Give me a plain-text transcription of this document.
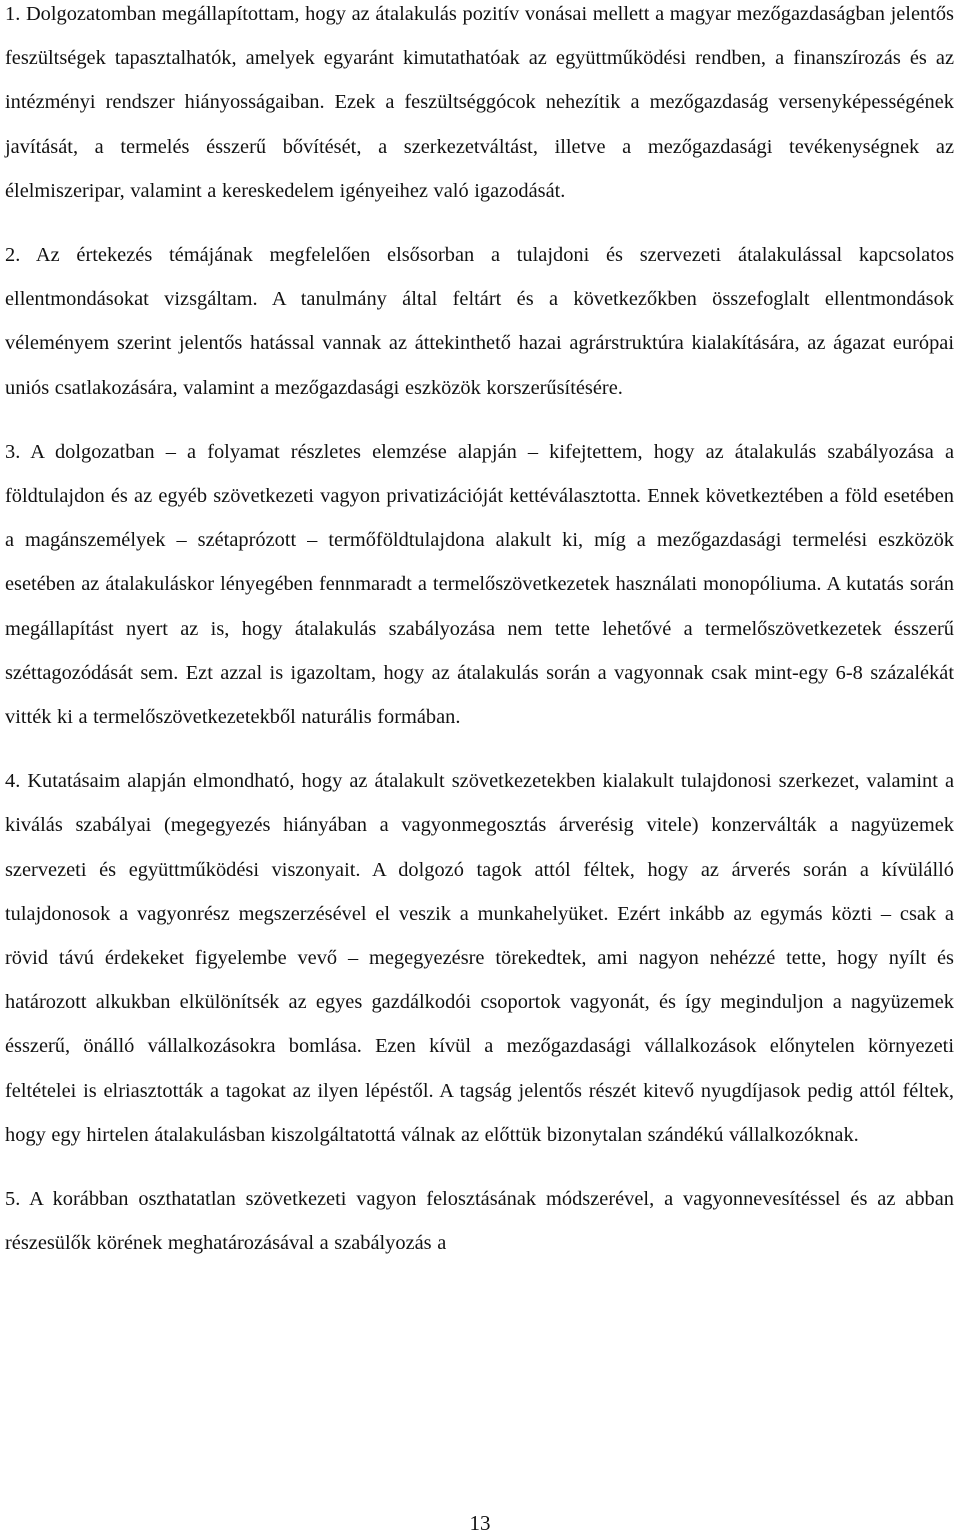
1. Dolgozatomban megállapítottam, hogy az átalakulás pozitív vonásai mellett a magyar mezőgazdaságban jelentős feszültségek tapasztalhatók, amelyek egyaránt kimutathatóak az együttműködési rendben, a finanszírozás és az intézményi rendszer hiányosságaiban. Ezek a feszültséggócok nehezítik a mezőgazdaság versenyképességének javítását, a termelés ésszerű bővítését, a szerkezetváltást, illetve a mezőgazdasági tevékenységnek az élelmiszeripar, valamint a kereskedelem igényeihez való igazodását.

2. Az értekezés témájának megfelelően elsősorban a tulajdoni és szervezeti átalakulással kapcsolatos ellentmondásokat vizsgáltam. A tanulmány által feltárt és a következőkben összefoglalt ellentmondások véleményem szerint jelentős hatással vannak az áttekinthető hazai agrárstruktúra kialakítására, az ágazat európai uniós csatlakozására, valamint a mezőgazdasági eszközök korszerűsítésére.

3. A dolgozatban – a folyamat részletes elemzése alapján – kifejtettem, hogy az átalakulás szabályozása a földtulajdon és az egyéb szövetkezeti vagyon privatizációját kettéválasztotta. Ennek következtében a föld esetében a magánszemélyek – szétaprózott – termőföldtulajdona alakult ki, míg a mezőgazdasági termelési eszközök esetében az átalakuláskor lényegében fennmaradt a termelőszövetkezetek használati monopóliuma. A kutatás során megállapítást nyert az is, hogy átalakulás szabályozása nem tette lehetővé a termelőszövetkezetek ésszerű széttagozódását sem. Ezt azzal is igazoltam, hogy az átalakulás során a vagyonnak csak mint-egy 6-8 százalékát vitték ki a termelőszövetkezetekből naturális formában.

4. Kutatásaim alapján elmondható, hogy az átalakult szövetkezetekben kialakult tulajdonosi szerkezet, valamint a kiválás szabályai (megegyezés hiányában a vagyonmegosztás árverésig vitele) konzerválták a nagyüzemek szervezeti és együttműködési viszonyait. A dolgozó tagok attól féltek, hogy az árverés során a kívülálló tulajdonosok a vagyonrész megszerzésével el veszik a munkahelyüket. Ezért inkább az egymás közti – csak a rövid távú érdekeket figyelembe vevő – megegyezésre törekedtek, ami nagyon nehézzé tette, hogy nyílt és határozott alkukban elkülönítsék az egyes gazdálkodói csoportok vagyonát, és így meginduljon a nagyüzemek ésszerű, önálló vállalkozásokra bomlása. Ezen kívül a mezőgazdasági vállalkozások előnytelen környezeti feltételei is elriasztották a tagokat az ilyen lépéstől. A tagság jelentős részét kitevő nyugdíjasok pedig attól féltek, hogy egy hirtelen átalakulásban kiszolgáltatottá válnak az előttük bizonytalan szándékú vállalkozóknak.

5. A korábban oszthatatlan szövetkezeti vagyon felosztásának módszerével, a vagyonnevesítéssel és az abban részesülők körének meghatározásával a szabályozás a

13
